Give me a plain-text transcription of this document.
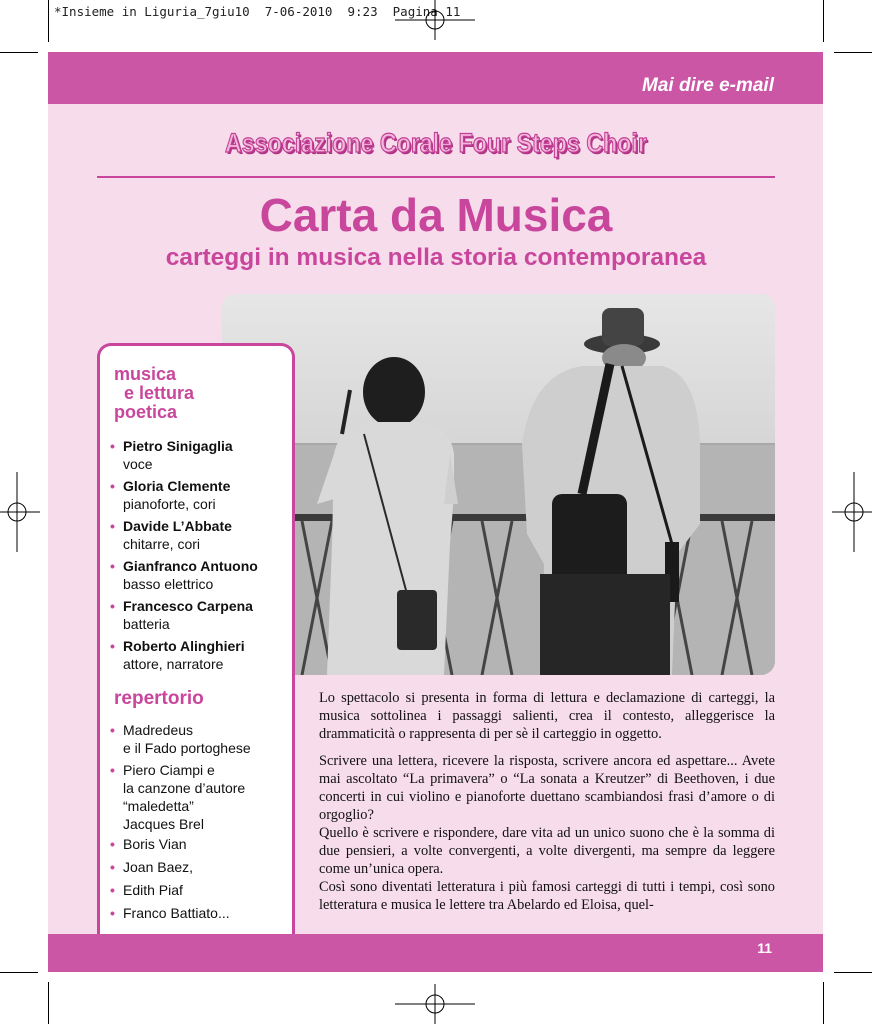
*Insieme in Liguria_7giu10  7-06-2010  9:23  Pagina 11
Mai dire e-mail
Associazione Corale Four Steps Choir
Carta da Musica
carteggi in musica nella storia contemporanea
musica
e lettura
poetica
• Pietro Sinigaglia
voce
• Gloria Clemente
pianoforte, cori
• Davide L’Abbate
chitarre, cori
• Gianfranco Antuono
basso elettrico
• Francesco Carpena
batteria
• Roberto Alinghieri
attore, narratore
repertorio
• Madredeus
e il Fado portoghese
• Piero Ciampi e
la canzone d’autore
“maledetta”
Jacques Brel
• Boris Vian
• Joan Baez,
• Edith Piaf
• Franco Battiato...

Lo spettacolo si presenta in forma di lettura e declamazione di carteggi, la musica sottolinea i passaggi salienti, crea il contesto, alleggerisce la drammaticità o rappresenta di per sè il carteggio in oggetto.

Scrivere una lettera, ricevere la risposta, scrivere ancora ed aspettare... Avete mai ascoltato “La primavera” o “La sonata a Kreutzer” di Beethoven, i due concerti in cui violino e pianoforte duettano scambiandosi frasi d’amore o di orgoglio?

Quello è scrivere e rispondere, dare vita ad un unico suono che è la somma di due pensieri, a volte convergenti, a volte divergenti, ma sempre da leggere come un’unica opera.

Così sono diventati letteratura i più famosi carteggi di tutti i tempi, così sono letteratura e musica le lettere tra Abelardo ed Eloisa, quel-

11
